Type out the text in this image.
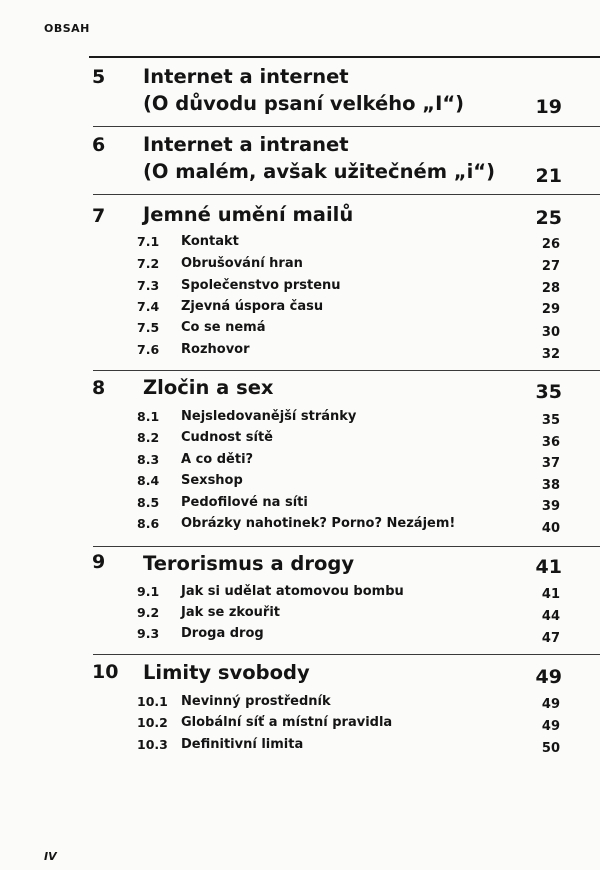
OBSAH
5 Internet a internet
(O důvodu psaní velkého „I“)	19
6 Internet a intranet
(O malém, avšak užitečném „i“) 21
7 Jemné umění mailů	25
7.1 Kontakt	26
7.2 Obrušování hran	27
7.3 Společenstvo prstenu	28
7.4 Zjevná úspora času	29
7.5 Co se nemá	30
7.6 Rozhovor	32
8 Zločin a sex	35
8.1 Nejsledovanější stránky	35
8.2 Cudnost sítě	36
8.3 A co děti?	37
8.4 Sexshop	38
8.5 Pedofilové na síti	39
8.6 Obrázky nahotinek? Porno? Nezájem!	40
9 Terorismus a drogy	41
9.1 Jak si udělat atomovou bombu	41
9.2 Jak se zkouřit	44
9.3 Droga drog	47
10 Limity svobody	49
10.1 Nevinný prostředník	49
10.2 Globální síť a místní pravidla	49
10.3 Definitivní limita	50
IV
